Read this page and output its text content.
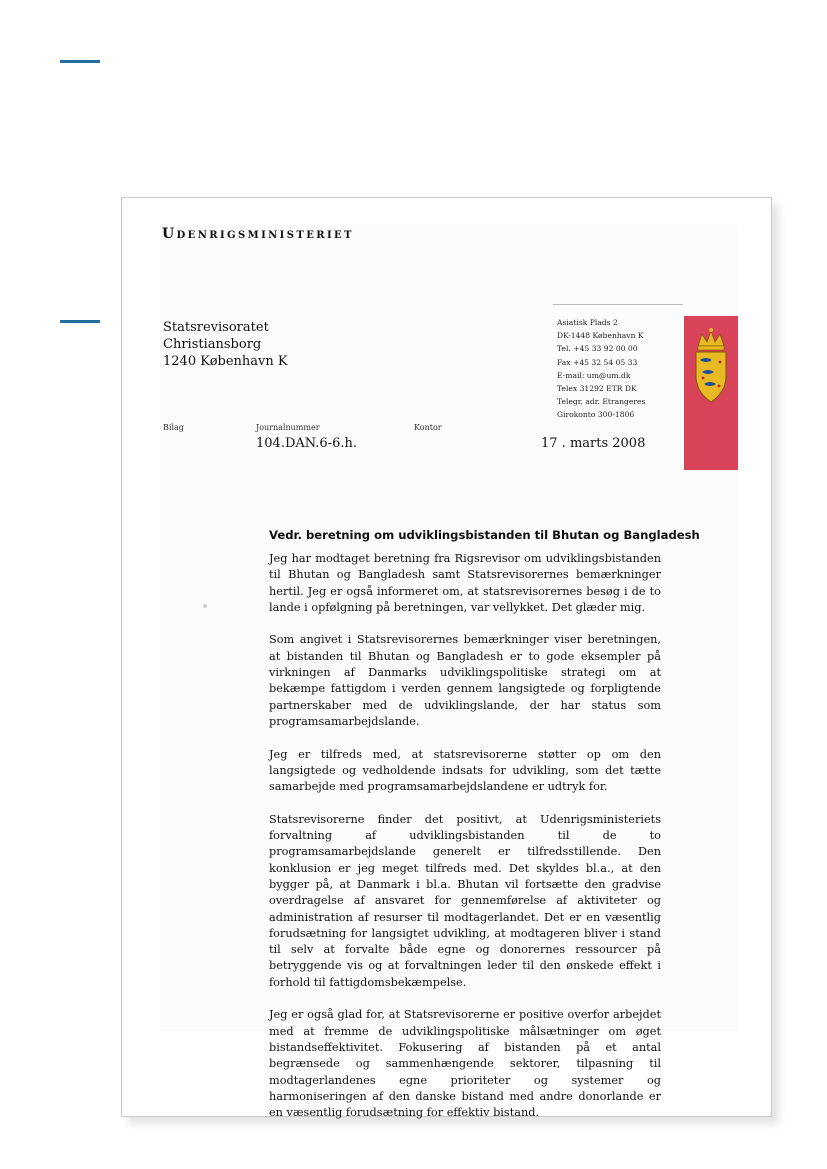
Udenrigsministeriet
Statsrevisoratet
Christiansborg
1240 København K
Asiatisk Plads 2
DK-1448 København K
Tel. +45 33 92 00 00
Fax +45 32 54 05 33
E-mail: um@um.dk
Telex 31292 ETR DK
Telegr. adr. Etrangeres
Girokonto 300-1806
Bilag	Journalnummer
104.DAN.6-6.h.
Kontor
17 . marts 2008
Vedr. beretning om udviklingsbistanden til Bhutan og Bangladesh

Jeg har modtaget beretning fra Rigsrevisor om udviklingsbistanden til Bhutan og Bangladesh samt Statsrevisorernes bemærkninger hertil. Jeg er også informeret om, at statsrevisorernes besøg i de to lande i opfølgning på beretningen, var vellykket. Det glæder mig.

Som angivet i Statsrevisorernes bemærkninger viser beretningen, at bistanden til Bhutan og Bangladesh er to gode eksempler på virkningen af Danmarks udviklingspolitiske strategi om at bekæmpe fattigdom i verden gennem langsigtede og forpligtende partnerskaber med de udviklingslande, der har status som programsamarbejdslande.

Jeg er tilfreds med, at statsrevisorerne støtter op om den langsigtede og vedholdende indsats for udvikling, som det tætte samarbejde med programsamarbejdslandene er udtryk for.

Statsrevisorerne finder det positivt, at Udenrigsministeriets forvaltning af udviklingsbistanden til de to programsamarbejdslande generelt er tilfredsstillende. Den konklusion er jeg meget tilfreds med. Det skyldes bl.a., at den bygger på, at Danmark i bl.a. Bhutan vil fortsætte den gradvise overdragelse af ansvaret for gennemførelse af aktiviteter og administration af resurser til modtagerlandet. Det er en væsentlig forudsætning for langsigtet udvikling, at modtageren bliver i stand til selv at forvalte både egne og donorernes ressourcer på betryggende vis og at forvaltningen leder til den ønskede effekt i forhold til fattigdomsbekæmpelse.

Jeg er også glad for, at Statsrevisorerne er positive overfor arbejdet med at fremme de udviklingspolitiske målsætninger om øget bistandseffektivitet. Fokusering af bistanden på et antal begrænsede og sammenhængende sektorer, tilpasning til modtagerlandenes egne prioriteter og systemer og harmoniseringen af den danske bistand med andre donorlande er en væsentlig forudsætning for effektiv bistand.
